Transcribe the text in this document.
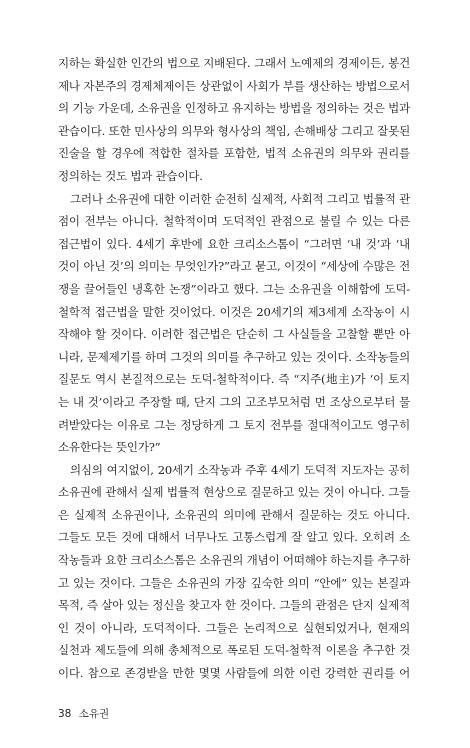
지하는 확실한 인간의 법으로 지배된다. 그래서 노예제의 경제이든, 봉건
제나 자본주의 경제체제이든 상관없이 사회가 부를 생산하는 방법으로서
의 기능 가운데, 소유권을 인정하고 유지하는 방법을 정의하는 것은 법과
관습이다. 또한 민사상의 의무와 형사상의 책임, 손해배상 그리고 잘못된
진술을 할 경우에 적합한 절차를 포함한, 법적 소유권의 의무와 권리를
정의하는 것도 법과 관습이다.

그러나 소유권에 대한 이러한 순전히 실제적, 사회적 그리고 법률적 관
점이 전부는 아니다. 철학적이며 도덕적인 관점으로 불릴 수 있는 다른
접근법이 있다. 4세기 후반에 요한 크리소스톰이 “그러면 ‘내 것’과 ‘내
것이 아닌 것’의 의미는 무엇인가?”라고 묻고, 이것이 “세상에 수많은 전
쟁을 끌어들인 냉혹한 논쟁”이라고 했다. 그는 소유권을 이해함에 도덕-
철학적 접근법을 말한 것이었다. 이것은 20세기의 제3세계 소작농이 시
작해야 할 것이다. 이러한 접근법은 단순히 그 사실들을 고찰할 뿐만 아
니라, 문제제기를 하며 그것의 의미를 추구하고 있는 것이다. 소작농들의
질문도 역시 본질적으로는 도덕-철학적이다. 즉 “지주(地主)가 ‘이 토지
는 내 것’이라고 주장할 때, 단지 그의 고조부모처럼 먼 조상으로부터 물
려받았다는 이유로 그는 정당하게 그 토지 전부를 절대적이고도 영구히
소유한다는 뜻인가?”

의심의 여지없이, 20세기 소작농과 주후 4세기 도덕적 지도자는 공히
소유권에 관해서 실제 법률적 현상으로 질문하고 있는 것이 아니다. 그들
은 실제적 소유권이나, 소유권의 의미에 관해서 질문하는 것도 아니다.
그들도 모든 것에 대해서 너무나도 고통스럽게 잘 알고 있다. 오히려 소
작농들과 요한 크리소스톰은 소유권의 개념이 어떠해야 하는지를 추구하
고 있는 것이다. 그들은 소유권의 가장 깊숙한 의미 “안에” 있는 본질과
목적, 즉 살아 있는 정신을 찾고자 한 것이다. 그들의 관점은 단지 실제적
인 것이 아니라, 도덕적이다. 그들은 논리적으로 실현되었거나, 현재의
실천과 제도들에 의해 총체적으로 폭로된 도덕-철학적 이론을 추구한 것
이다. 참으로 존경받을 만한 몇몇 사람들에 의한 이런 강력한 권리를 어

38 소유권
